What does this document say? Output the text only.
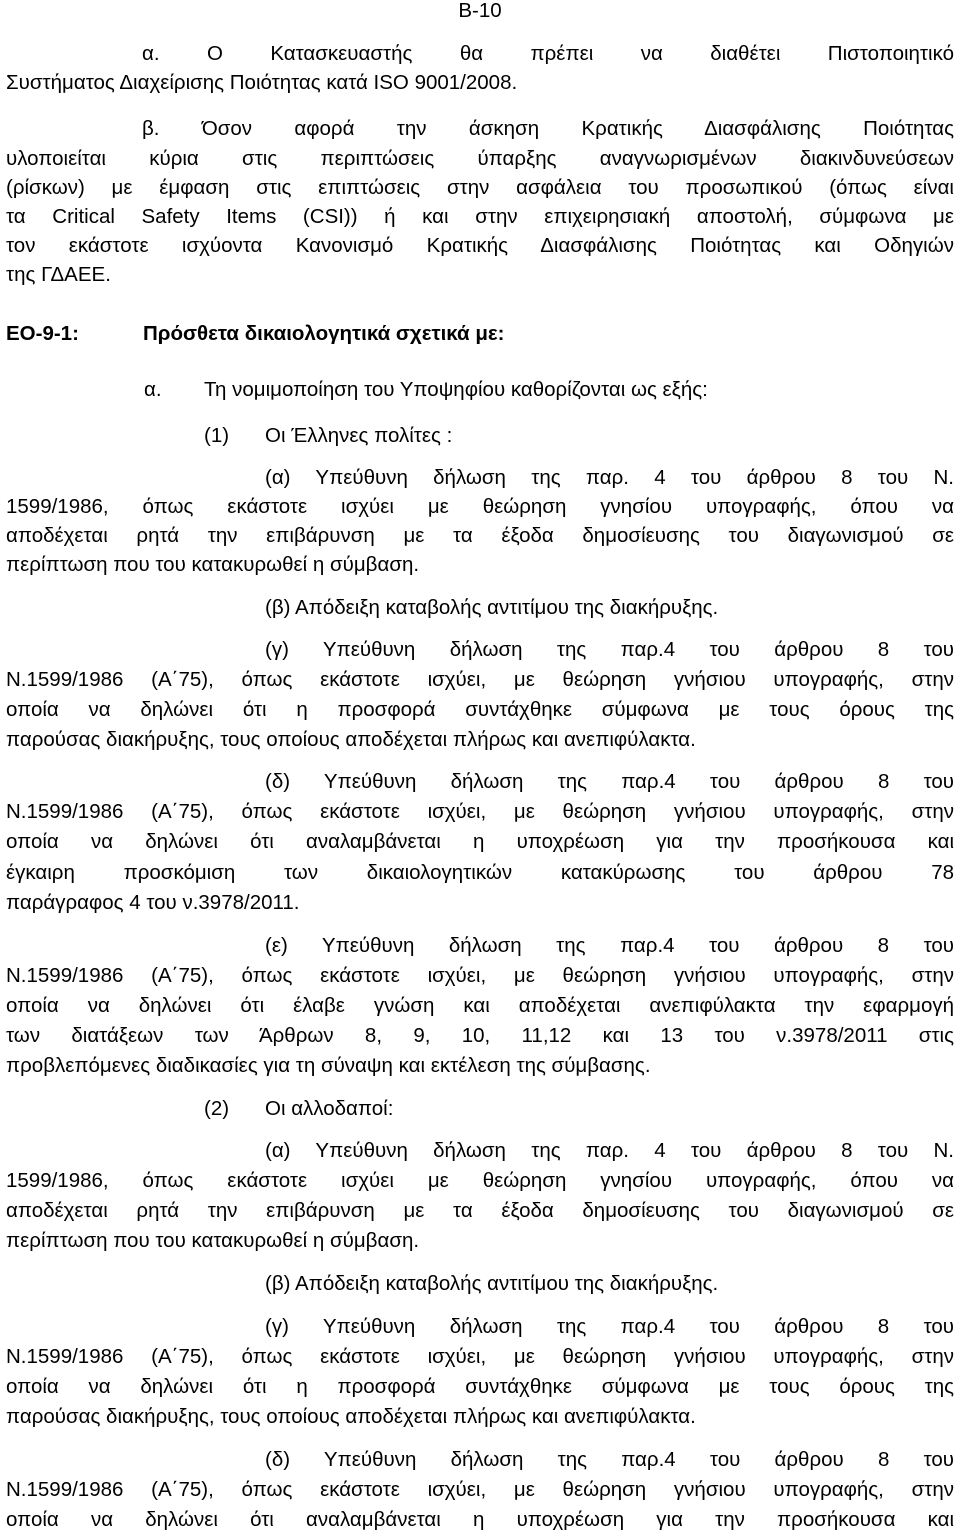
Β-10
α. Ο Κατασκευαστής θα πρέπει να διαθέτει Πιστοποιητικό
Συστήματος Διαχείρισης Ποιότητας κατά ISO 9001/2008.
β. Όσον αφορά την άσκηση Κρατικής Διασφάλισης Ποιότητας
υλοποιείται κύρια στις περιπτώσεις ύπαρξης αναγνωρισμένων διακινδυνεύσεων
(ρίσκων) με έμφαση στις επιπτώσεις στην ασφάλεια του προσωπικού (όπως είναι
τα Critical Safety Items (CSI)) ή και στην επιχειρησιακή αποστολή, σύμφωνα με
τον εκάστοτε ισχύοντα Κανονισμό Κρατικής Διασφάλισης Ποιότητας και Οδηγιών
της ΓΔΑΕΕ.
ΕΟ-9-1:	Πρόσθετα δικαιολογητικά σχετικά με:
α. Τη νομιμοποίηση του Υποψηφίου καθορίζονται ως εξής:
(1) Οι Έλληνες πολίτες :
(α) Υπεύθυνη δήλωση της παρ. 4 του άρθρου 8 του Ν.
1599/1986, όπως εκάστοτε ισχύει με θεώρηση γνησίου υπογραφής, όπου να
αποδέχεται ρητά την επιβάρυνση με τα έξοδα δημοσίευσης του διαγωνισμού σε
περίπτωση που του κατακυρωθεί η σύμβαση.
(β) Απόδειξη καταβολής αντιτίμου της διακήρυξης.
(γ) Υπεύθυνη δήλωση της παρ.4 του άρθρου 8 του
Ν.1599/1986 (Α΄75), όπως εκάστοτε ισχύει, με θεώρηση γνήσιου υπογραφής, στην
οποία να δηλώνει ότι η προσφορά συντάχθηκε σύμφωνα με τους όρους της
παρούσας διακήρυξης, τους οποίους αποδέχεται πλήρως και ανεπιφύλακτα.
(δ) Υπεύθυνη δήλωση της παρ.4 του άρθρου 8 του
Ν.1599/1986 (Α΄75), όπως εκάστοτε ισχύει, με θεώρηση γνήσιου υπογραφής, στην
οποία να δηλώνει ότι αναλαμβάνεται η υποχρέωση για την προσήκουσα και
έγκαιρη προσκόμιση των δικαιολογητικών κατακύρωσης του άρθρου 78
παράγραφος 4 του ν.3978/2011.
(ε) Υπεύθυνη δήλωση της παρ.4 του άρθρου 8 του
Ν.1599/1986 (Α΄75), όπως εκάστοτε ισχύει, με θεώρηση γνήσιου υπογραφής, στην
οποία να δηλώνει ότι έλαβε γνώση και αποδέχεται ανεπιφύλακτα την εφαρμογή
των διατάξεων των Άρθρων 8, 9, 10, 11,12 και 13 του ν.3978/2011 στις
προβλεπόμενες διαδικασίες για τη σύναψη και εκτέλεση της σύμβασης.
(2) Οι αλλοδαποί:
(α) Υπεύθυνη δήλωση της παρ. 4 του άρθρου 8 του Ν.
1599/1986, όπως εκάστοτε ισχύει με θεώρηση γνησίου υπογραφής, όπου να
αποδέχεται ρητά την επιβάρυνση με τα έξοδα δημοσίευσης του διαγωνισμού σε
περίπτωση που του κατακυρωθεί η σύμβαση.
(β) Απόδειξη καταβολής αντιτίμου της διακήρυξης.
(γ) Υπεύθυνη δήλωση της παρ.4 του άρθρου 8 του
Ν.1599/1986 (Α΄75), όπως εκάστοτε ισχύει, με θεώρηση γνήσιου υπογραφής, στην
οποία να δηλώνει ότι η προσφορά συντάχθηκε σύμφωνα με τους όρους της
παρούσας διακήρυξης, τους οποίους αποδέχεται πλήρως και ανεπιφύλακτα.
(δ) Υπεύθυνη δήλωση της παρ.4 του άρθρου 8 του
Ν.1599/1986 (Α΄75), όπως εκάστοτε ισχύει, με θεώρηση γνήσιου υπογραφής, στην
οποία να δηλώνει ότι αναλαμβάνεται η υποχρέωση για την προσήκουσα και
